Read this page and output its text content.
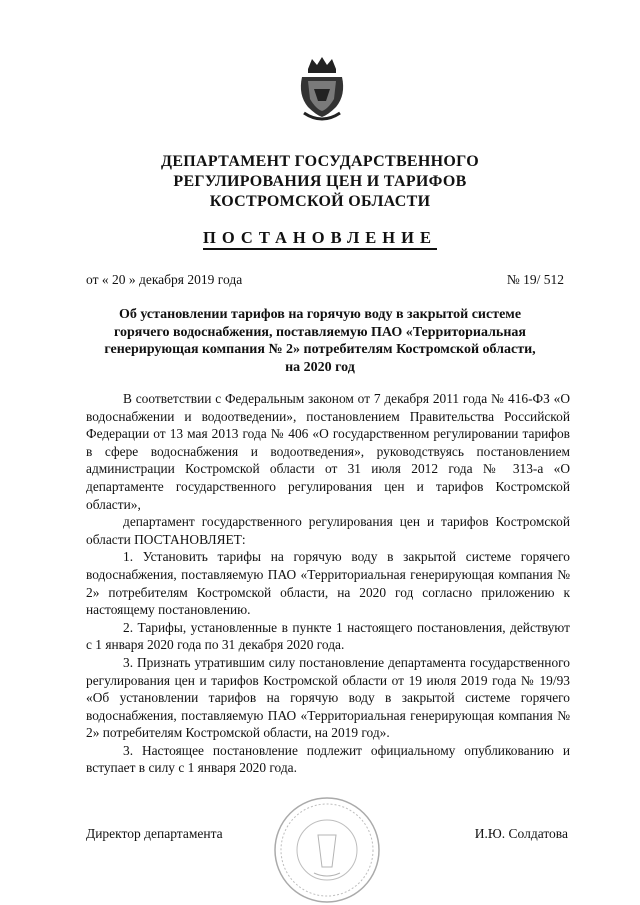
ДЕПАРТАМЕНТ ГОСУДАРСТВЕННОГО
РЕГУЛИРОВАНИЯ ЦЕН И ТАРИФОВ
КОСТРОМСКОЙ ОБЛАСТИ
ПОСТАНОВЛЕНИЕ
от « 20 » декабря 2019 года	№ 19/ 512
Об установлении тарифов на горячую воду в закрытой системе
горячего водоснабжения, поставляемую ПАО «Территориальная
генерирующая компания № 2» потребителям Костромской области,
на 2020 год

В соответствии с Федеральным законом от 7 декабря 2011 года № 416-ФЗ «О водоснабжении и водоотведении», постановлением Правительства Российской Федерации от 13 мая 2013 года № 406 «О государственном регулировании тарифов в сфере водоснабжения и водоотведения», руководствуясь постановлением администрации Костромской области от 31 июля 2012 года № 313-а «О департаменте государственного регулирования цен и тарифов Костромской области»,

департамент государственного регулирования цен и тарифов Костромской области ПОСТАНОВЛЯЕТ:

1. Установить тарифы на горячую воду в закрытой системе горячего водоснабжения, поставляемую ПАО «Территориальная генерирующая компания № 2» потребителям Костромской области, на 2020 год согласно приложению к настоящему постановлению.

2. Тарифы, установленные в пункте 1 настоящего постановления, действуют с 1 января 2020 года по 31 декабря 2020 года.

3. Признать утратившим силу постановление департамента государственного регулирования цен и тарифов Костромской области от 19 июля 2019 года № 19/93 «Об установлении тарифов на горячую воду в закрытой системе горячего водоснабжения, поставляемую ПАО «Территориальная генерирующая компания № 2» потребителям Костромской области, на 2019 год».

3. Настоящее постановление подлежит официальному опубликованию и вступает в силу с 1 января 2020 года.

Директор департамента	И.Ю. Солдатова
